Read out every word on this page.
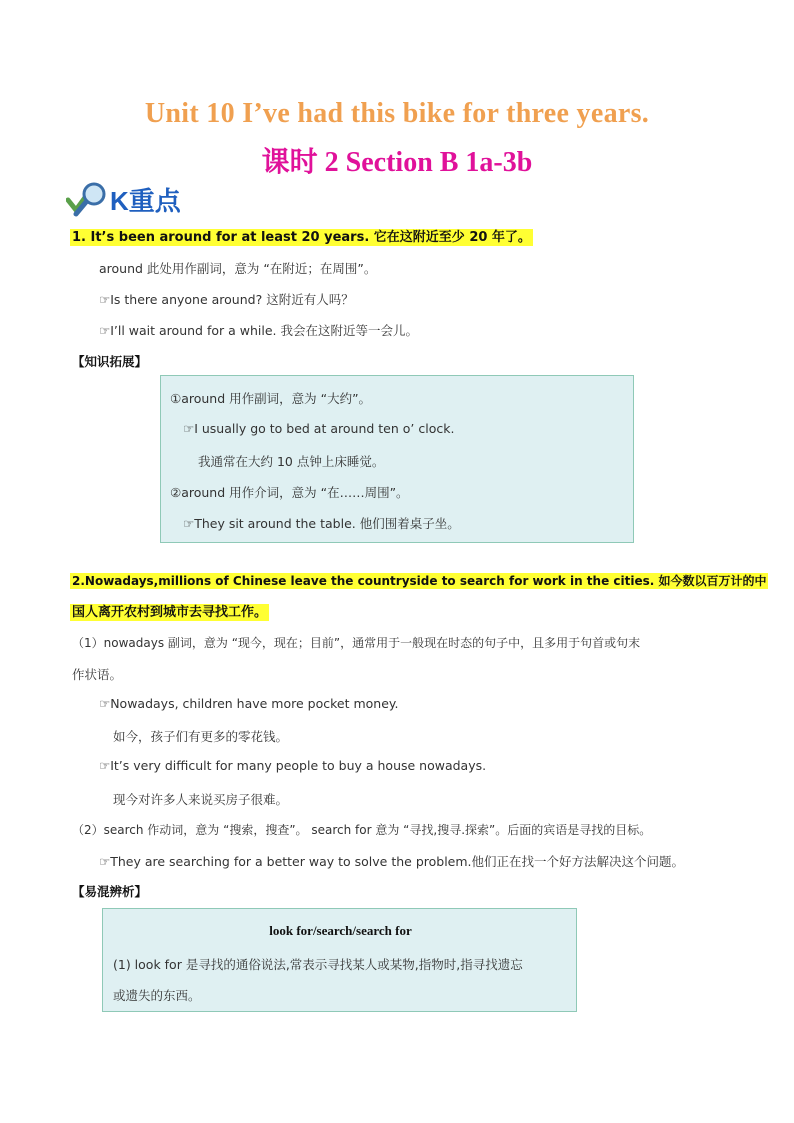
Unit 10 I’ve had this bike for three years.
课时 2 Section B 1a-3b
K重点
1. It’s been around for at least 20 years. 它在这附近至少 20 年了。
around 此处用作副词，意为 “在附近；在周围”。
☞Is there anyone around? 这附近有人吗？
☞I’ll wait around for a while. 我会在这附近等一会儿。
【知识拓展】
①around 用作副词，意为 “大约”。
☞I usually go to bed at around ten o’ clock.
我通常在大约 10 点钟上床睡觉。
②around 用作介词，意为 “在……周围”。
☞They sit around the table. 他们围着桌子坐。
2.Nowadays,millions of Chinese leave the countryside to search for work in the cities. 如今数以百万计的中
国人离开农村到城市去寻找工作。
（1）nowadays 副词，意为 “现今，现在；目前”，通常用于一般现在时态的句子中，且多用于句首或句末
作状语。
☞Nowadays, children have more pocket money.
如今，孩子们有更多的零花钱。
☞It’s very difficult for many people to buy a house nowadays.
现今对许多人来说买房子很难。
（2）search 作动词，意为 “搜索，搜查”。 search for 意为 “寻找,搜寻.探索”。后面的宾语是寻找的目标。
☞They are searching for a better way to solve the problem.他们正在找一个好方法解决这个问题。
【易混辨析】
look for/search/search for
(1) look for 是寻找的通俗说法,常表示寻找某人或某物,指物时,指寻找遗忘
或遗失的东西。
